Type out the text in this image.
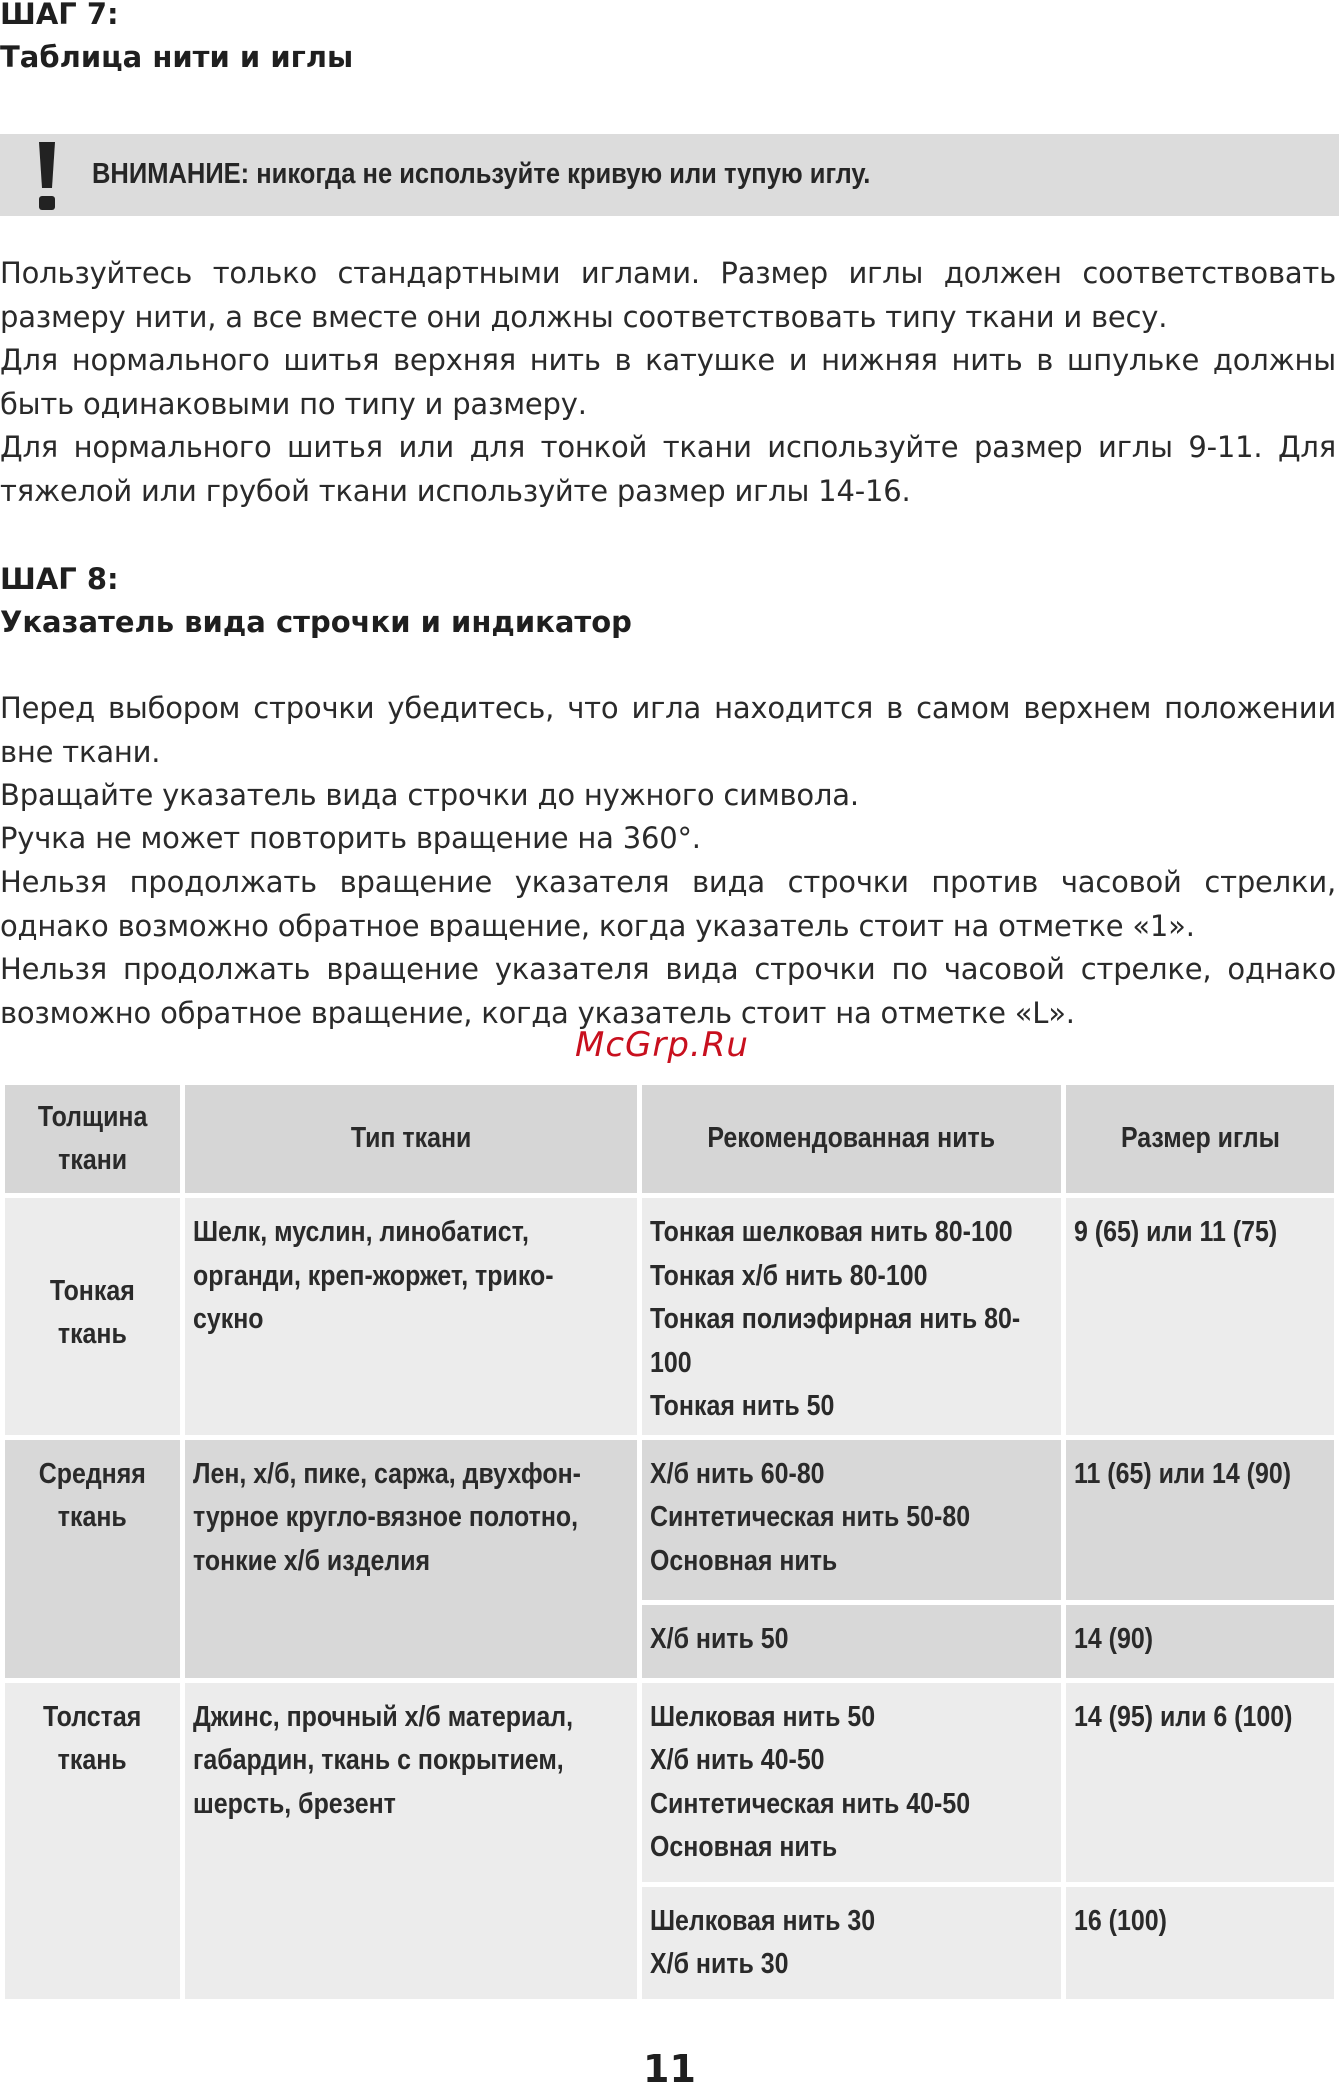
ШАГ 7:
Таблица нити и иглы
ВНИМАНИЕ: никогда не используйте кривую или тупую иглу.

Пользуйтесь только стандартными иглами. Размер иглы должен соответствовать размеру нити, а все вместе они должны соответствовать типу ткани и весу.

Для нормального шитья верхняя нить в катушке и нижняя нить в шпульке должны быть одинаковыми по типу и размеру.

Для нормального шитья или для тонкой ткани используйте размер иглы 9-11. Для тяжелой или грубой ткани используйте размер иглы 14-16.

ШАГ 8:
Указатель вида строчки и индикатор

Перед выбором строчки убедитесь, что игла находится в самом верхнем положении вне ткани.

Вращайте указатель вида строчки до нужного символа.

Ручка не может повторить вращение на 360°.

Нельзя продолжать вращение указателя вида строчки против часовой стрелки, однако возможно обратное вращение, когда указатель стоит на отметке «1».

Нельзя продолжать вращение указателя вида строчки по часовой стрелке, однако возможно обратное вращение, когда указатель стоит на отметке «L».

McGrp.Ru
Толщина
ткани	Тип ткани	Рекомендованная нить	Размер иглы

Тонкая
ткань	Шелк, муслин, линобатист,
органди, креп-жоржет, трико-
сукно	Тонкая шелковая нить 80-100
Тонкая х/б нить 80-100
Тонкая полиэфирная нить 80-
100
Тонкая нить 50	9 (65) или 11 (75)

Средняя
ткань	Лен, х/б, пике, саржа, двухфон-
турное кругло-вязное полотно,
тонкие х/б изделия	Х/б нить 60-80
Синтетическая нить 50-80
Основная нить	11 (65) или 14 (90)

		Х/б нить 50	14 (90)

Толстая
ткань	Джинс, прочный х/б материал,
габардин, ткань с покрытием,
шерсть, брезент	Шелковая нить 50
Х/б нить 40-50
Синтетическая нить 40-50
Основная нить	14 (95) или 6 (100)

		Шелковая нить 30
Х/б нить 30	16 (100)
11
